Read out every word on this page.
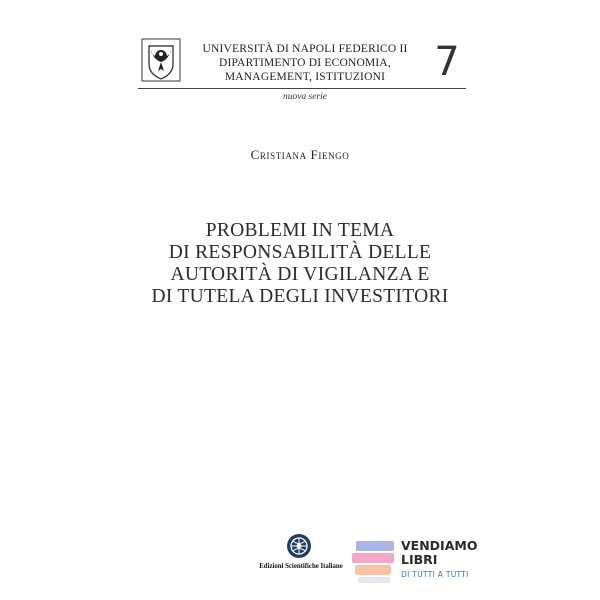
UNIVERSITÀ DI NAPOLI FEDERICO II
DIPARTIMENTO DI ECONOMIA,
MANAGEMENT, ISTITUZIONI	7
nuova serie
Cristiana Fiengo
PROBLEMI IN TEMA
DI RESPONSABILITÀ DELLE
AUTORITÀ DI VIGILANZA E
DI TUTELA DEGLI INVESTITORI
Edizioni Scientifiche Italiane
VENDIAMO
LIBRI
DI TUTTI A TUTTI
